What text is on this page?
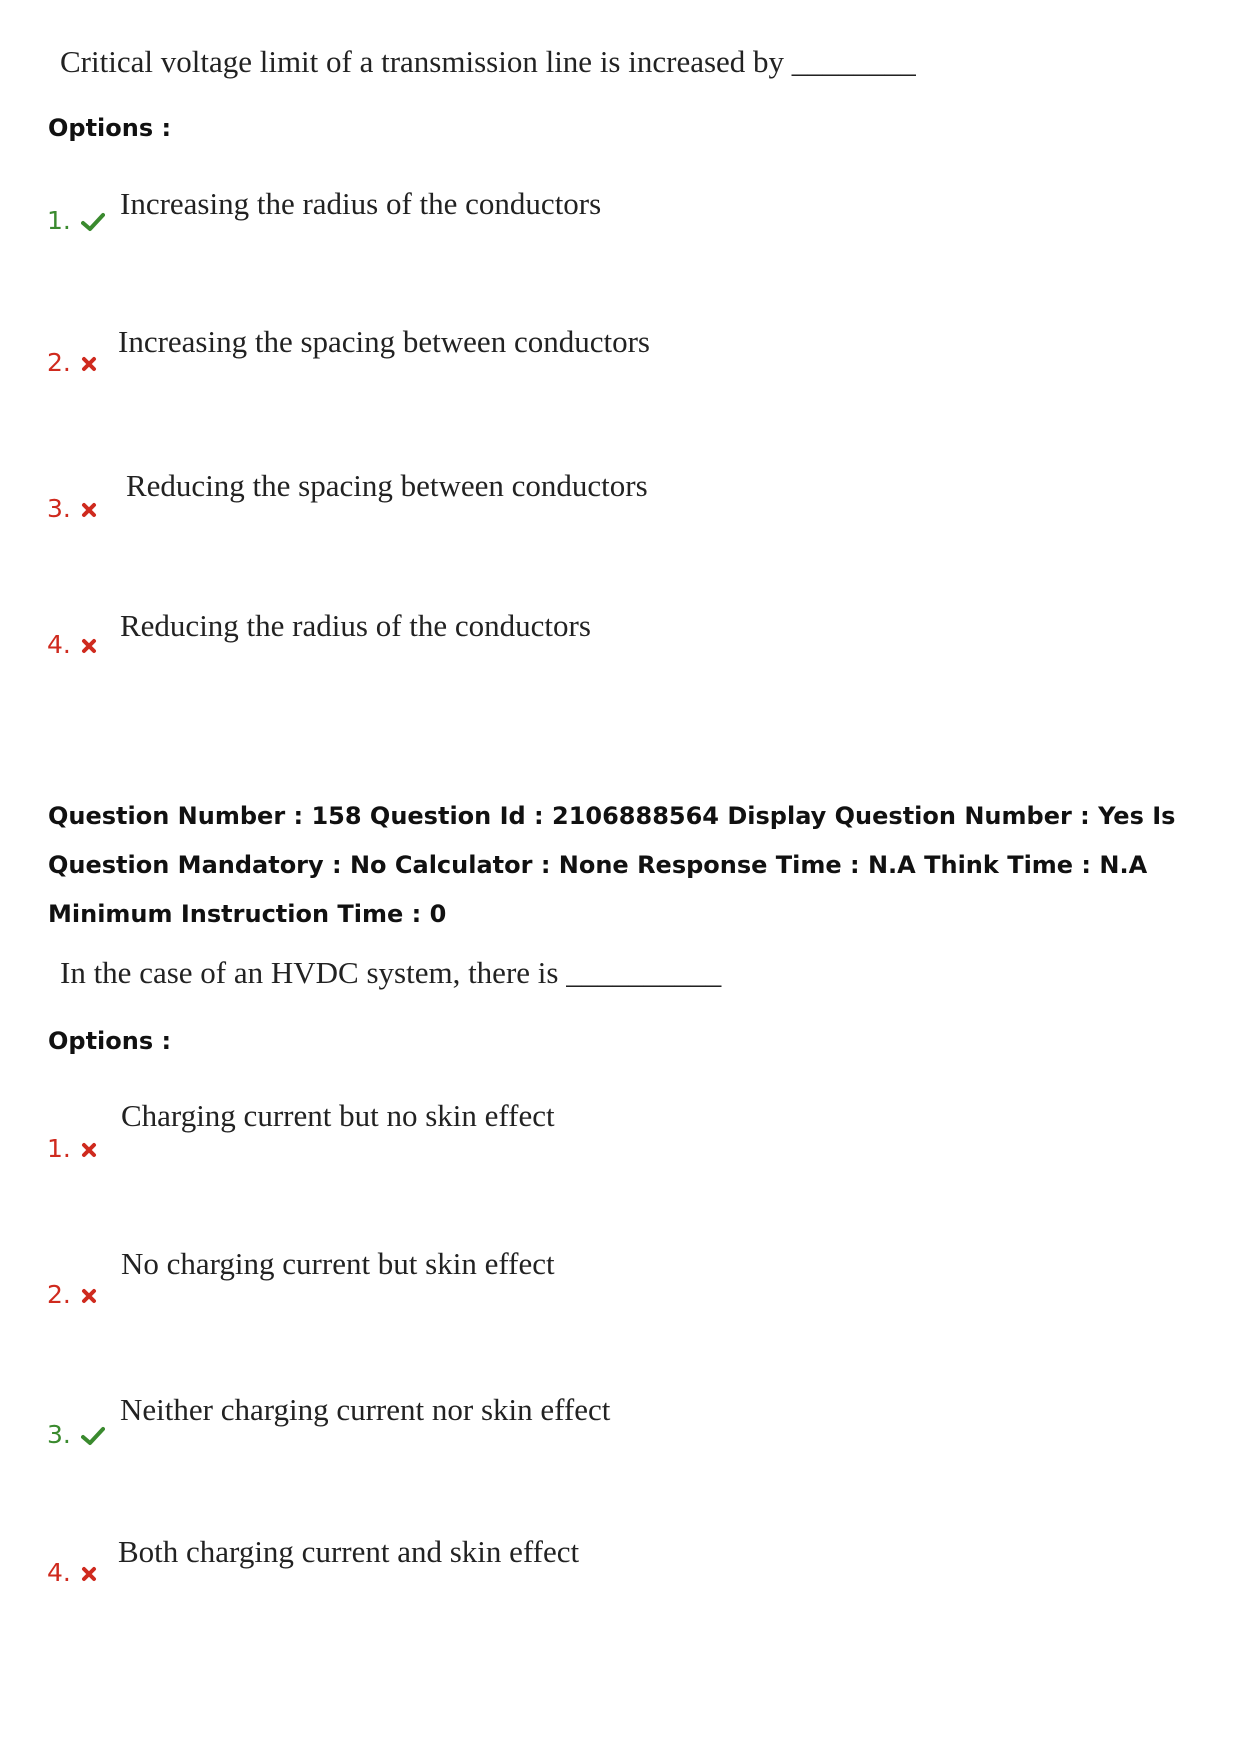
Critical voltage limit of a transmission line is increased by ________
Options :
1.	Increasing the radius of the conductors
2.
Increasing the spacing between conductors
3.
Reducing the spacing between conductors
4.
Reducing the radius of the conductors
Question Number : 158 Question Id : 2106888564 Display Question Number : Yes Is Question Mandatory : No Calculator : None Response Time : N.A Think Time : N.A Minimum Instruction Time : 0
In the case of an HVDC system, there is __________
Options :
1.
Charging current but no skin effect
2.
No charging current but skin effect
3.
Neither charging current nor skin effect
4.
Both charging current and skin effect
